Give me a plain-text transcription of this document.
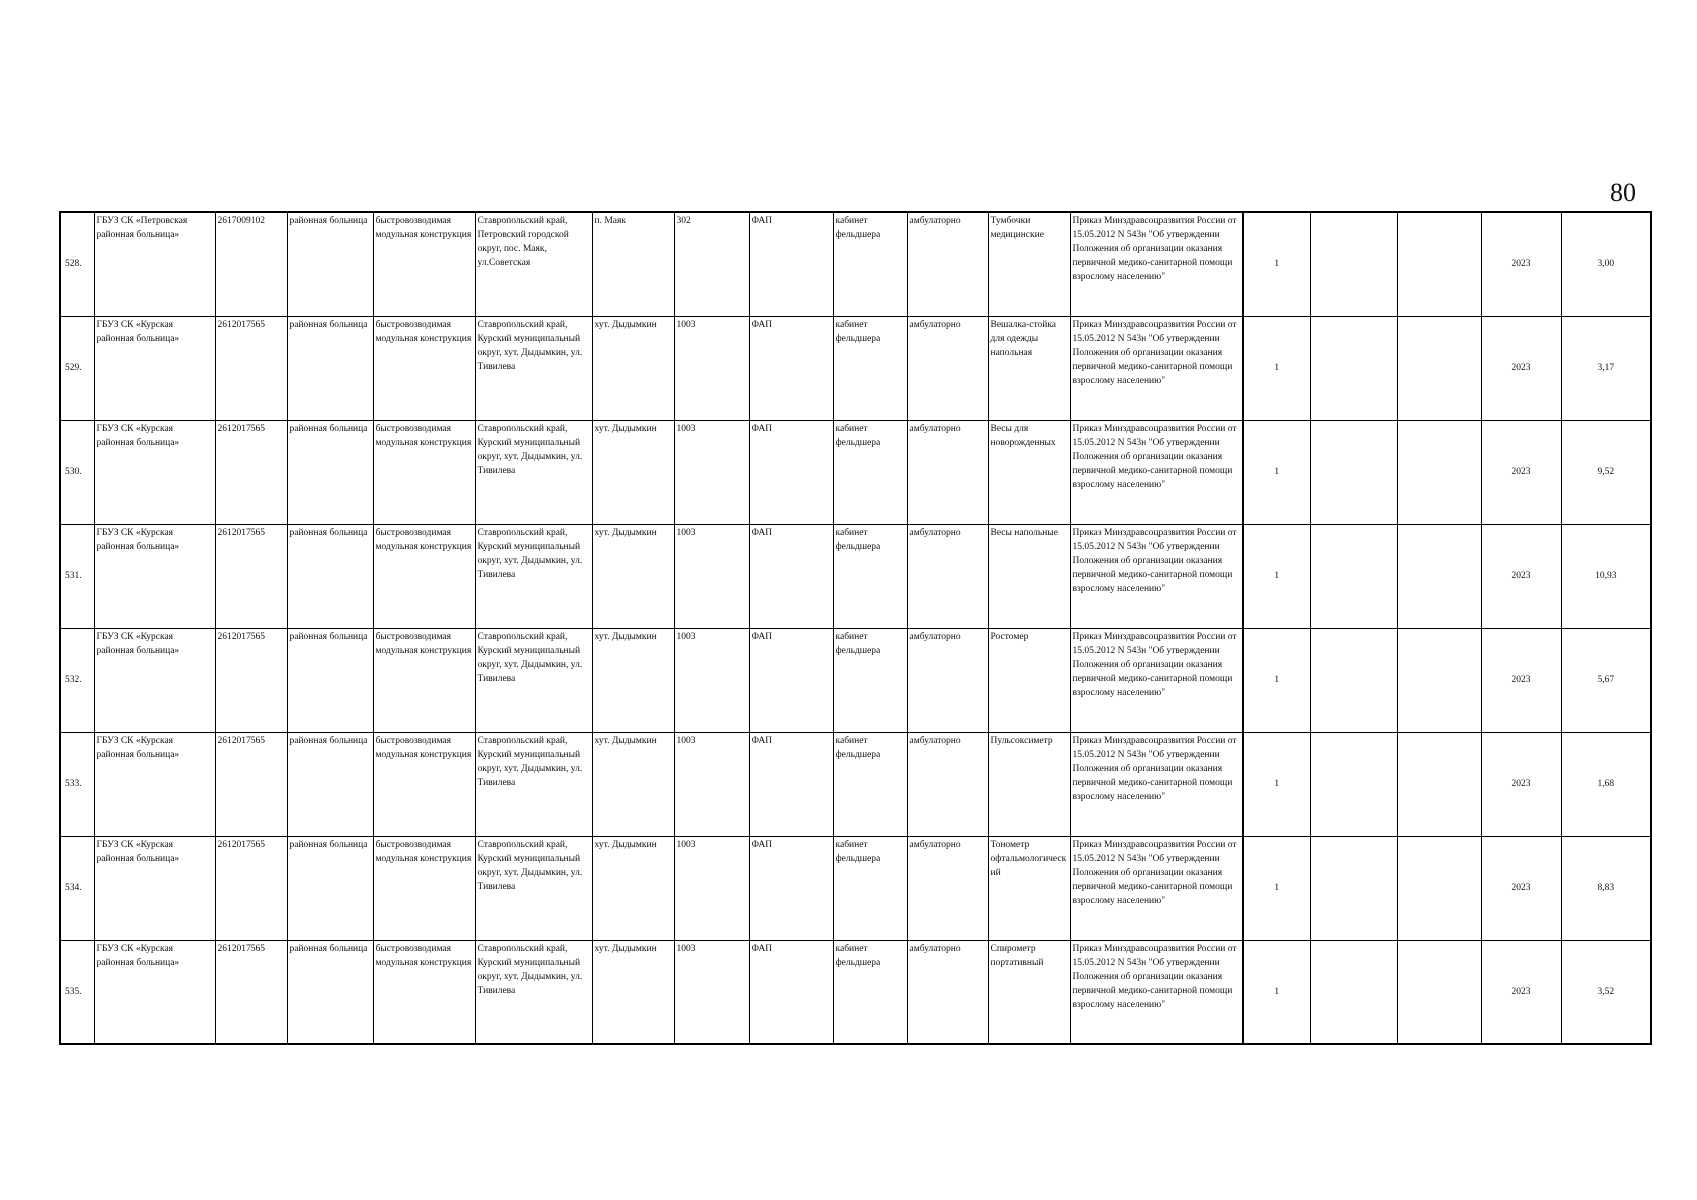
80
528.	ГБУЗ СК «Петровская районная больница»	2617009102	районная больница	быстровозводимая модульная конструкция	Ставропольский край, Петровский городской округ, пос. Маяк, ул.Советская	п. Маяк	302	ФАП	кабинет фельдшера	амбулаторно	Тумбочки медицинские	Приказ Минздравсоцразвития России от 15.05.2012 N 543н "Об утверждении Положения об организации оказания первичной медико-санитарной помощи взрослому населению"	1			2023	3,00
529.	ГБУЗ СК «Курская районная больница»	2612017565	районная больница	быстровозводимая модульная конструкция	Ставропольский край, Курский муниципальный округ, хут. Дыдымкин, ул. Тивилева	хут. Дыдымкин	1003	ФАП	кабинет фельдшера	амбулаторно	Вешалка-стойка для одежды напольная	Приказ Минздравсоцразвития России от 15.05.2012 N 543н "Об утверждении Положения об организации оказания первичной медико-санитарной помощи взрослому населению"	1			2023	3,17
530.	ГБУЗ СК «Курская районная больница»	2612017565	районная больница	быстровозводимая модульная конструкция	Ставропольский край, Курский муниципальный округ, хут. Дыдымкин, ул. Тивилева	хут. Дыдымкин	1003	ФАП	кабинет фельдшера	амбулаторно	Весы для новорожденных	Приказ Минздравсоцразвития России от 15.05.2012 N 543н "Об утверждении Положения об организации оказания первичной медико-санитарной помощи взрослому населению"	1			2023	9,52
531.	ГБУЗ СК «Курская районная больница»	2612017565	районная больница	быстровозводимая модульная конструкция	Ставропольский край, Курский муниципальный округ, хут. Дыдымкин, ул. Тивилева	хут. Дыдымкин	1003	ФАП	кабинет фельдшера	амбулаторно	Весы напольные	Приказ Минздравсоцразвития России от 15.05.2012 N 543н "Об утверждении Положения об организации оказания первичной медико-санитарной помощи взрослому населению"	1			2023	10,93
532.	ГБУЗ СК «Курская районная больница»	2612017565	районная больница	быстровозводимая модульная конструкция	Ставропольский край, Курский муниципальный округ, хут. Дыдымкин, ул. Тивилева	хут. Дыдымкин	1003	ФАП	кабинет фельдшера	амбулаторно	Ростомер	Приказ Минздравсоцразвития России от 15.05.2012 N 543н "Об утверждении Положения об организации оказания первичной медико-санитарной помощи взрослому населению"	1			2023	5,67
533.	ГБУЗ СК «Курская районная больница»	2612017565	районная больница	быстровозводимая модульная конструкция	Ставропольский край, Курский муниципальный округ, хут. Дыдымкин, ул. Тивилева	хут. Дыдымкин	1003	ФАП	кабинет фельдшера	амбулаторно	Пульсоксиметр	Приказ Минздравсоцразвития России от 15.05.2012 N 543н "Об утверждении Положения об организации оказания первичной медико-санитарной помощи взрослому населению"	1			2023	1,68
534.	ГБУЗ СК «Курская районная больница»	2612017565	районная больница	быстровозводимая модульная конструкция	Ставропольский край, Курский муниципальный округ, хут. Дыдымкин, ул. Тивилева	хут. Дыдымкин	1003	ФАП	кабинет фельдшера	амбулаторно	Тонометр офтальмологический	Приказ Минздравсоцразвития России от 15.05.2012 N 543н "Об утверждении Положения об организации оказания первичной медико-санитарной помощи взрослому населению"	1			2023	8,83
535.	ГБУЗ СК «Курская районная больница»	2612017565	районная больница	быстровозводимая модульная конструкция	Ставропольский край, Курский муниципальный округ, хут. Дыдымкин, ул. Тивилева	хут. Дыдымкин	1003	ФАП	кабинет фельдшера	амбулаторно	Спирометр портативный	Приказ Минздравсоцразвития России от 15.05.2012 N 543н "Об утверждении Положения об организации оказания первичной медико-санитарной помощи взрослому населению"	1			2023	3,52
